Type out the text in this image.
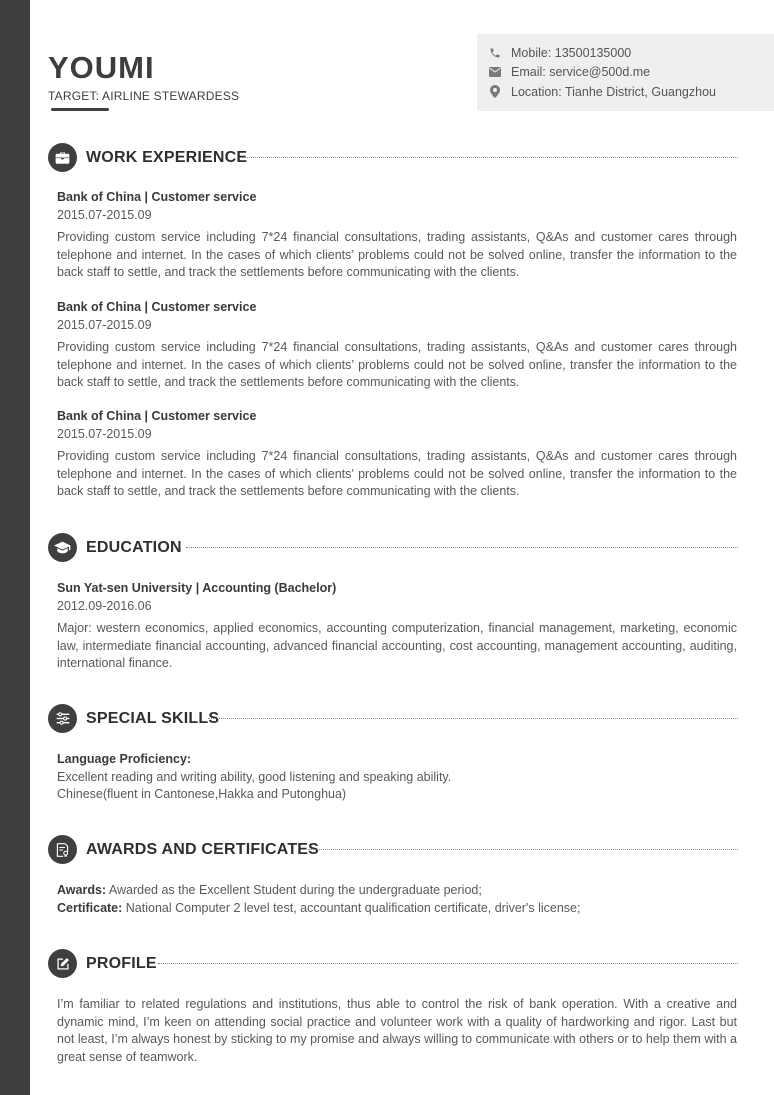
YOUMI
TARGET: AIRLINE STEWARDESS
Mobile: 13500135000
Email: service@500d.me
Location: Tianhe District, Guangzhou
WORK EXPERIENCE
Bank of China | Customer service
2015.07-2015.09
Providing custom service including 7*24 financial consultations, trading assistants, Q&As and customer cares through telephone and internet. In the cases of which clients’ problems could not be solved online, transfer the information to the back staff to settle, and track the settlements before communicating with the clients.
Bank of China | Customer service
2015.07-2015.09
Providing custom service including 7*24 financial consultations, trading assistants, Q&As and customer cares through telephone and internet. In the cases of which clients’ problems could not be solved online, transfer the information to the back staff to settle, and track the settlements before communicating with the clients.
Bank of China | Customer service
2015.07-2015.09
Providing custom service including 7*24 financial consultations, trading assistants, Q&As and customer cares through telephone and internet. In the cases of which clients’ problems could not be solved online, transfer the information to the back staff to settle, and track the settlements before communicating with the clients.
EDUCATION
Sun Yat-sen University | Accounting (Bachelor)
2012.09-2016.06
Major: western economics, applied economics, accounting computerization, financial management, marketing, economic law, intermediate financial accounting, advanced financial accounting, cost accounting, management accounting, auditing, international finance.
SPECIAL SKILLS
Language Proficiency:
Excellent reading and writing ability, good listening and speaking ability.
Chinese(fluent in Cantonese,Hakka and Putonghua)
AWARDS AND CERTIFICATES
Awards: Awarded as the Excellent Student during the undergraduate period;
Certificate: National Computer 2 level test, accountant qualification certificate, driver's license;
PROFILE
I’m familiar to related regulations and institutions, thus able to control the risk of bank operation. With a creative and dynamic mind, I’m keen on attending social practice and volunteer work with a quality of hardworking and rigor. Last but not least, I’m always honest by sticking to my promise and always willing to communicate with others or to help them with a great sense of teamwork.
